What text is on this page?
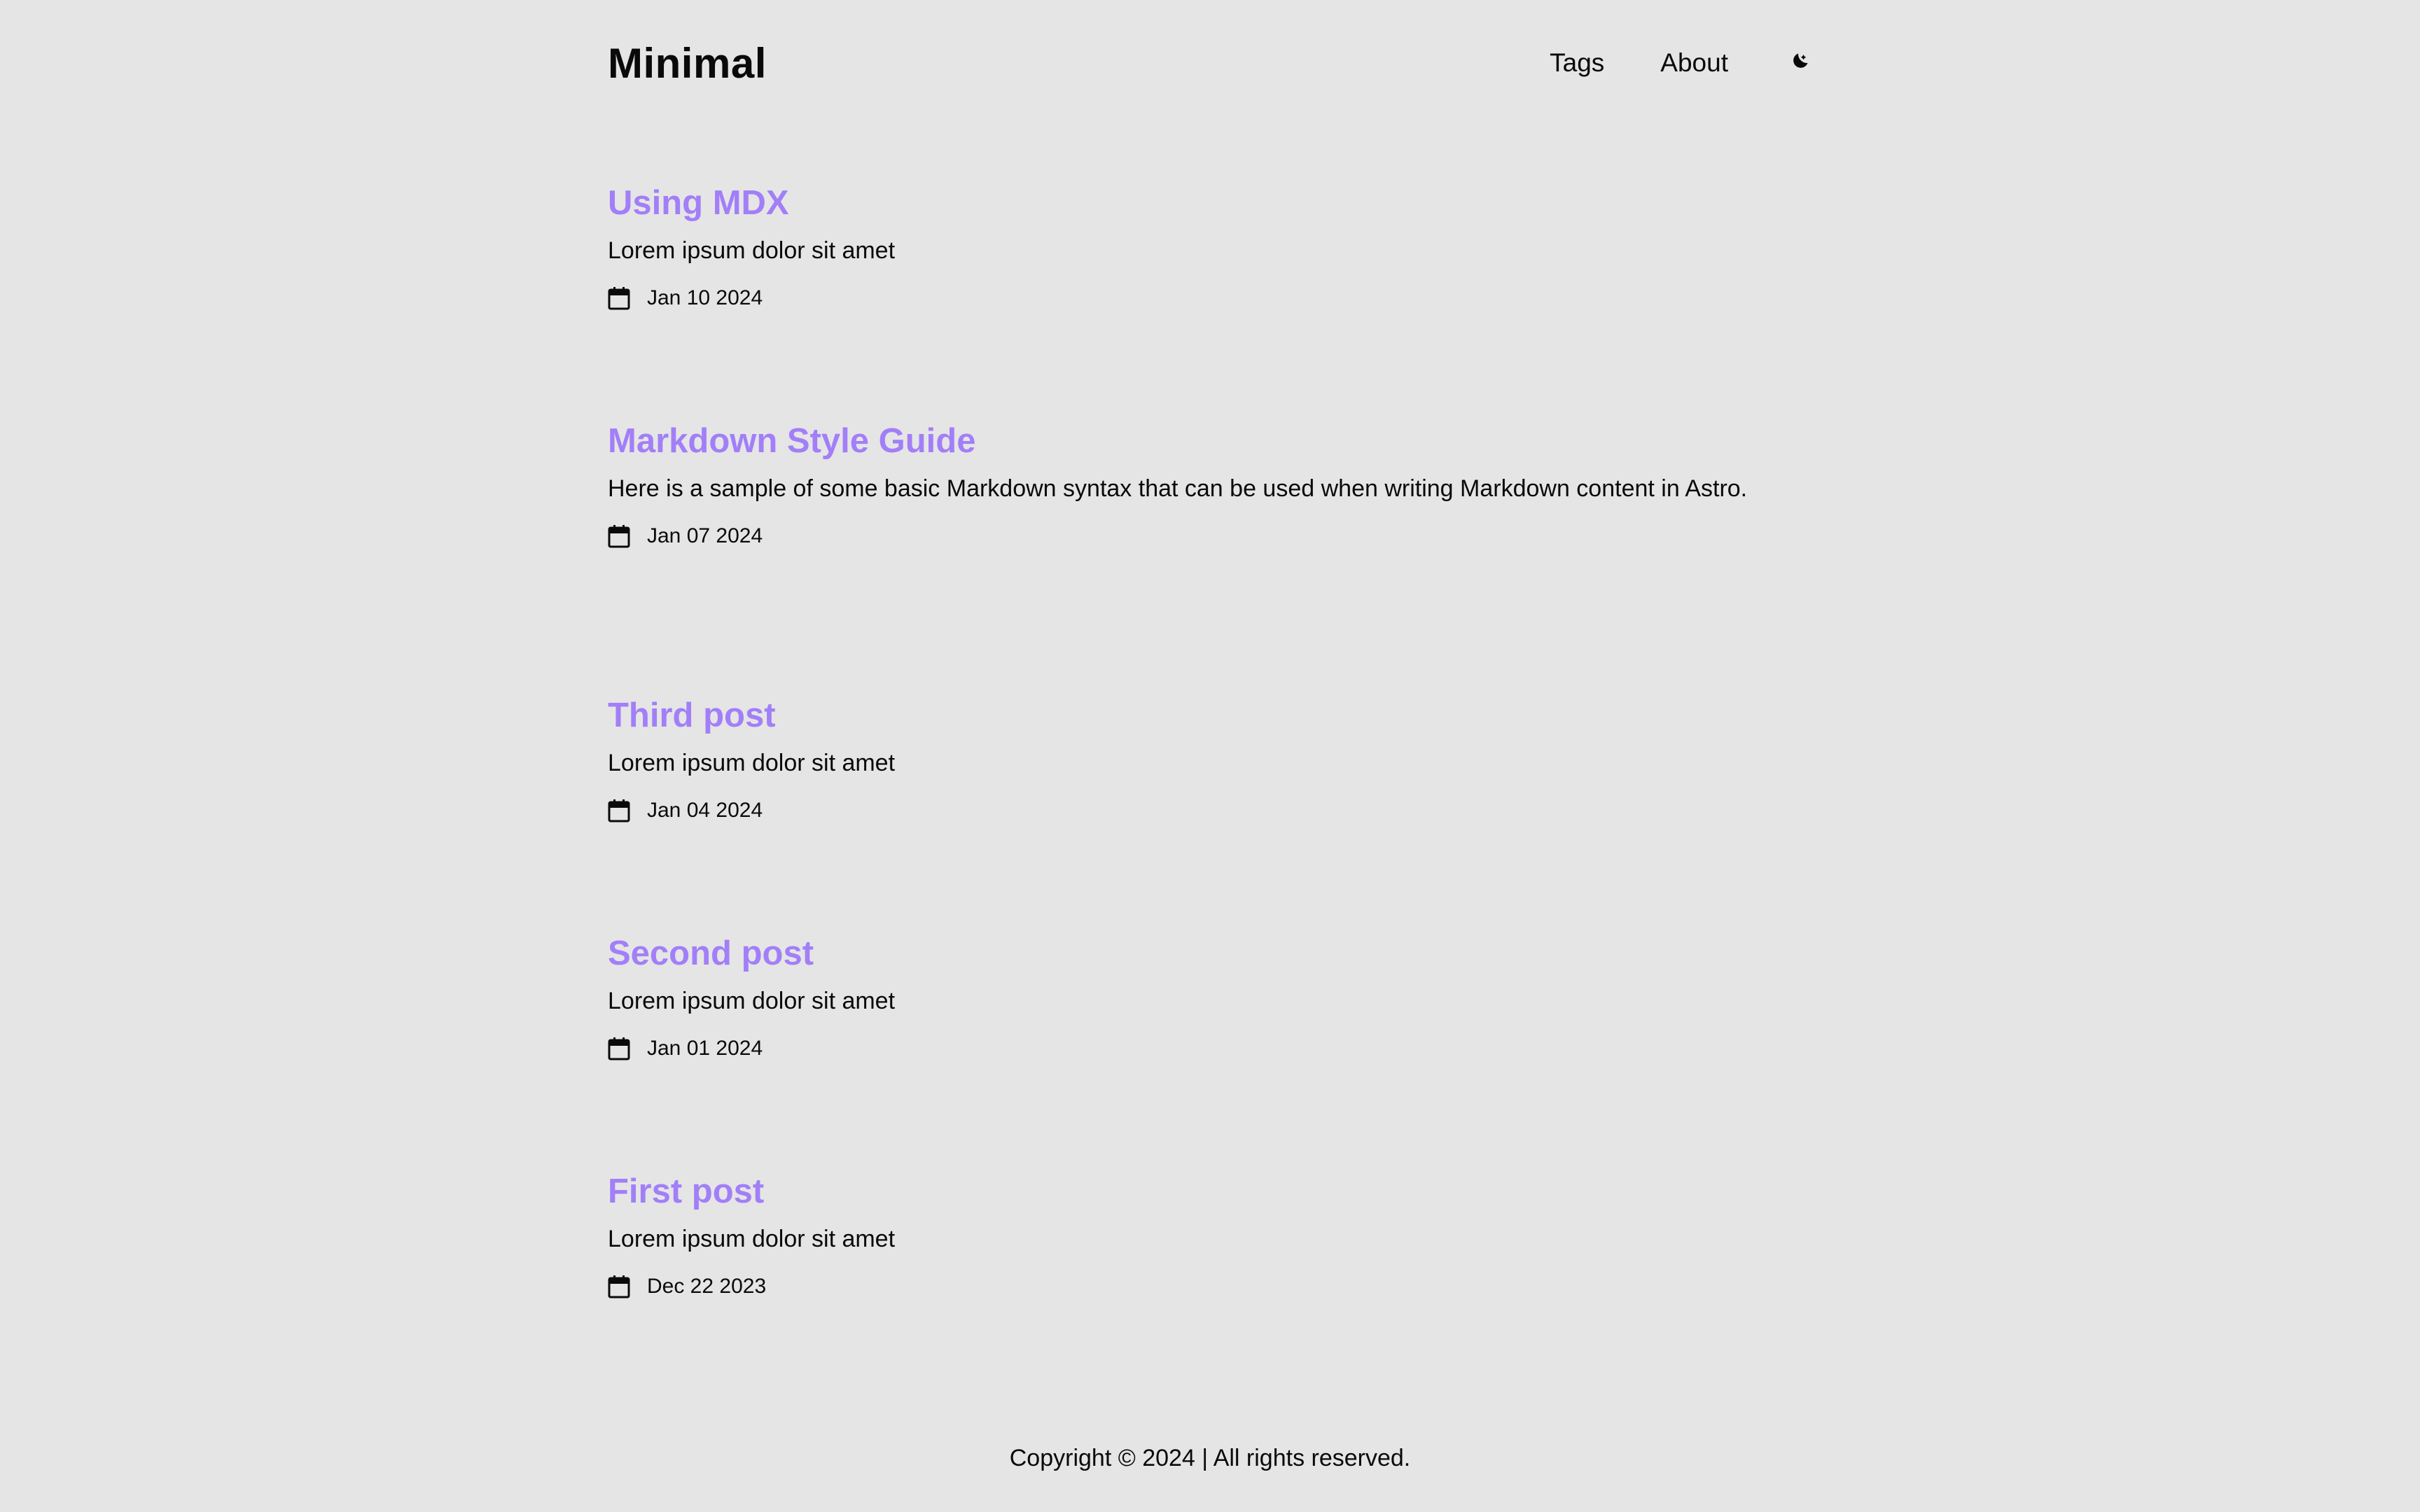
Minimal	Tags About
Using MDX

Lorem ipsum dolor sit amet

Jan 10 2024
Markdown Style Guide

Here is a sample of some basic Markdown syntax that can be used when writing Markdown content in Astro.

Jan 07 2024
Third post

Lorem ipsum dolor sit amet

Jan 04 2024
Second post

Lorem ipsum dolor sit amet

Jan 01 2024
First post

Lorem ipsum dolor sit amet

Dec 22 2023
Copyright © 2024 | All rights reserved.
